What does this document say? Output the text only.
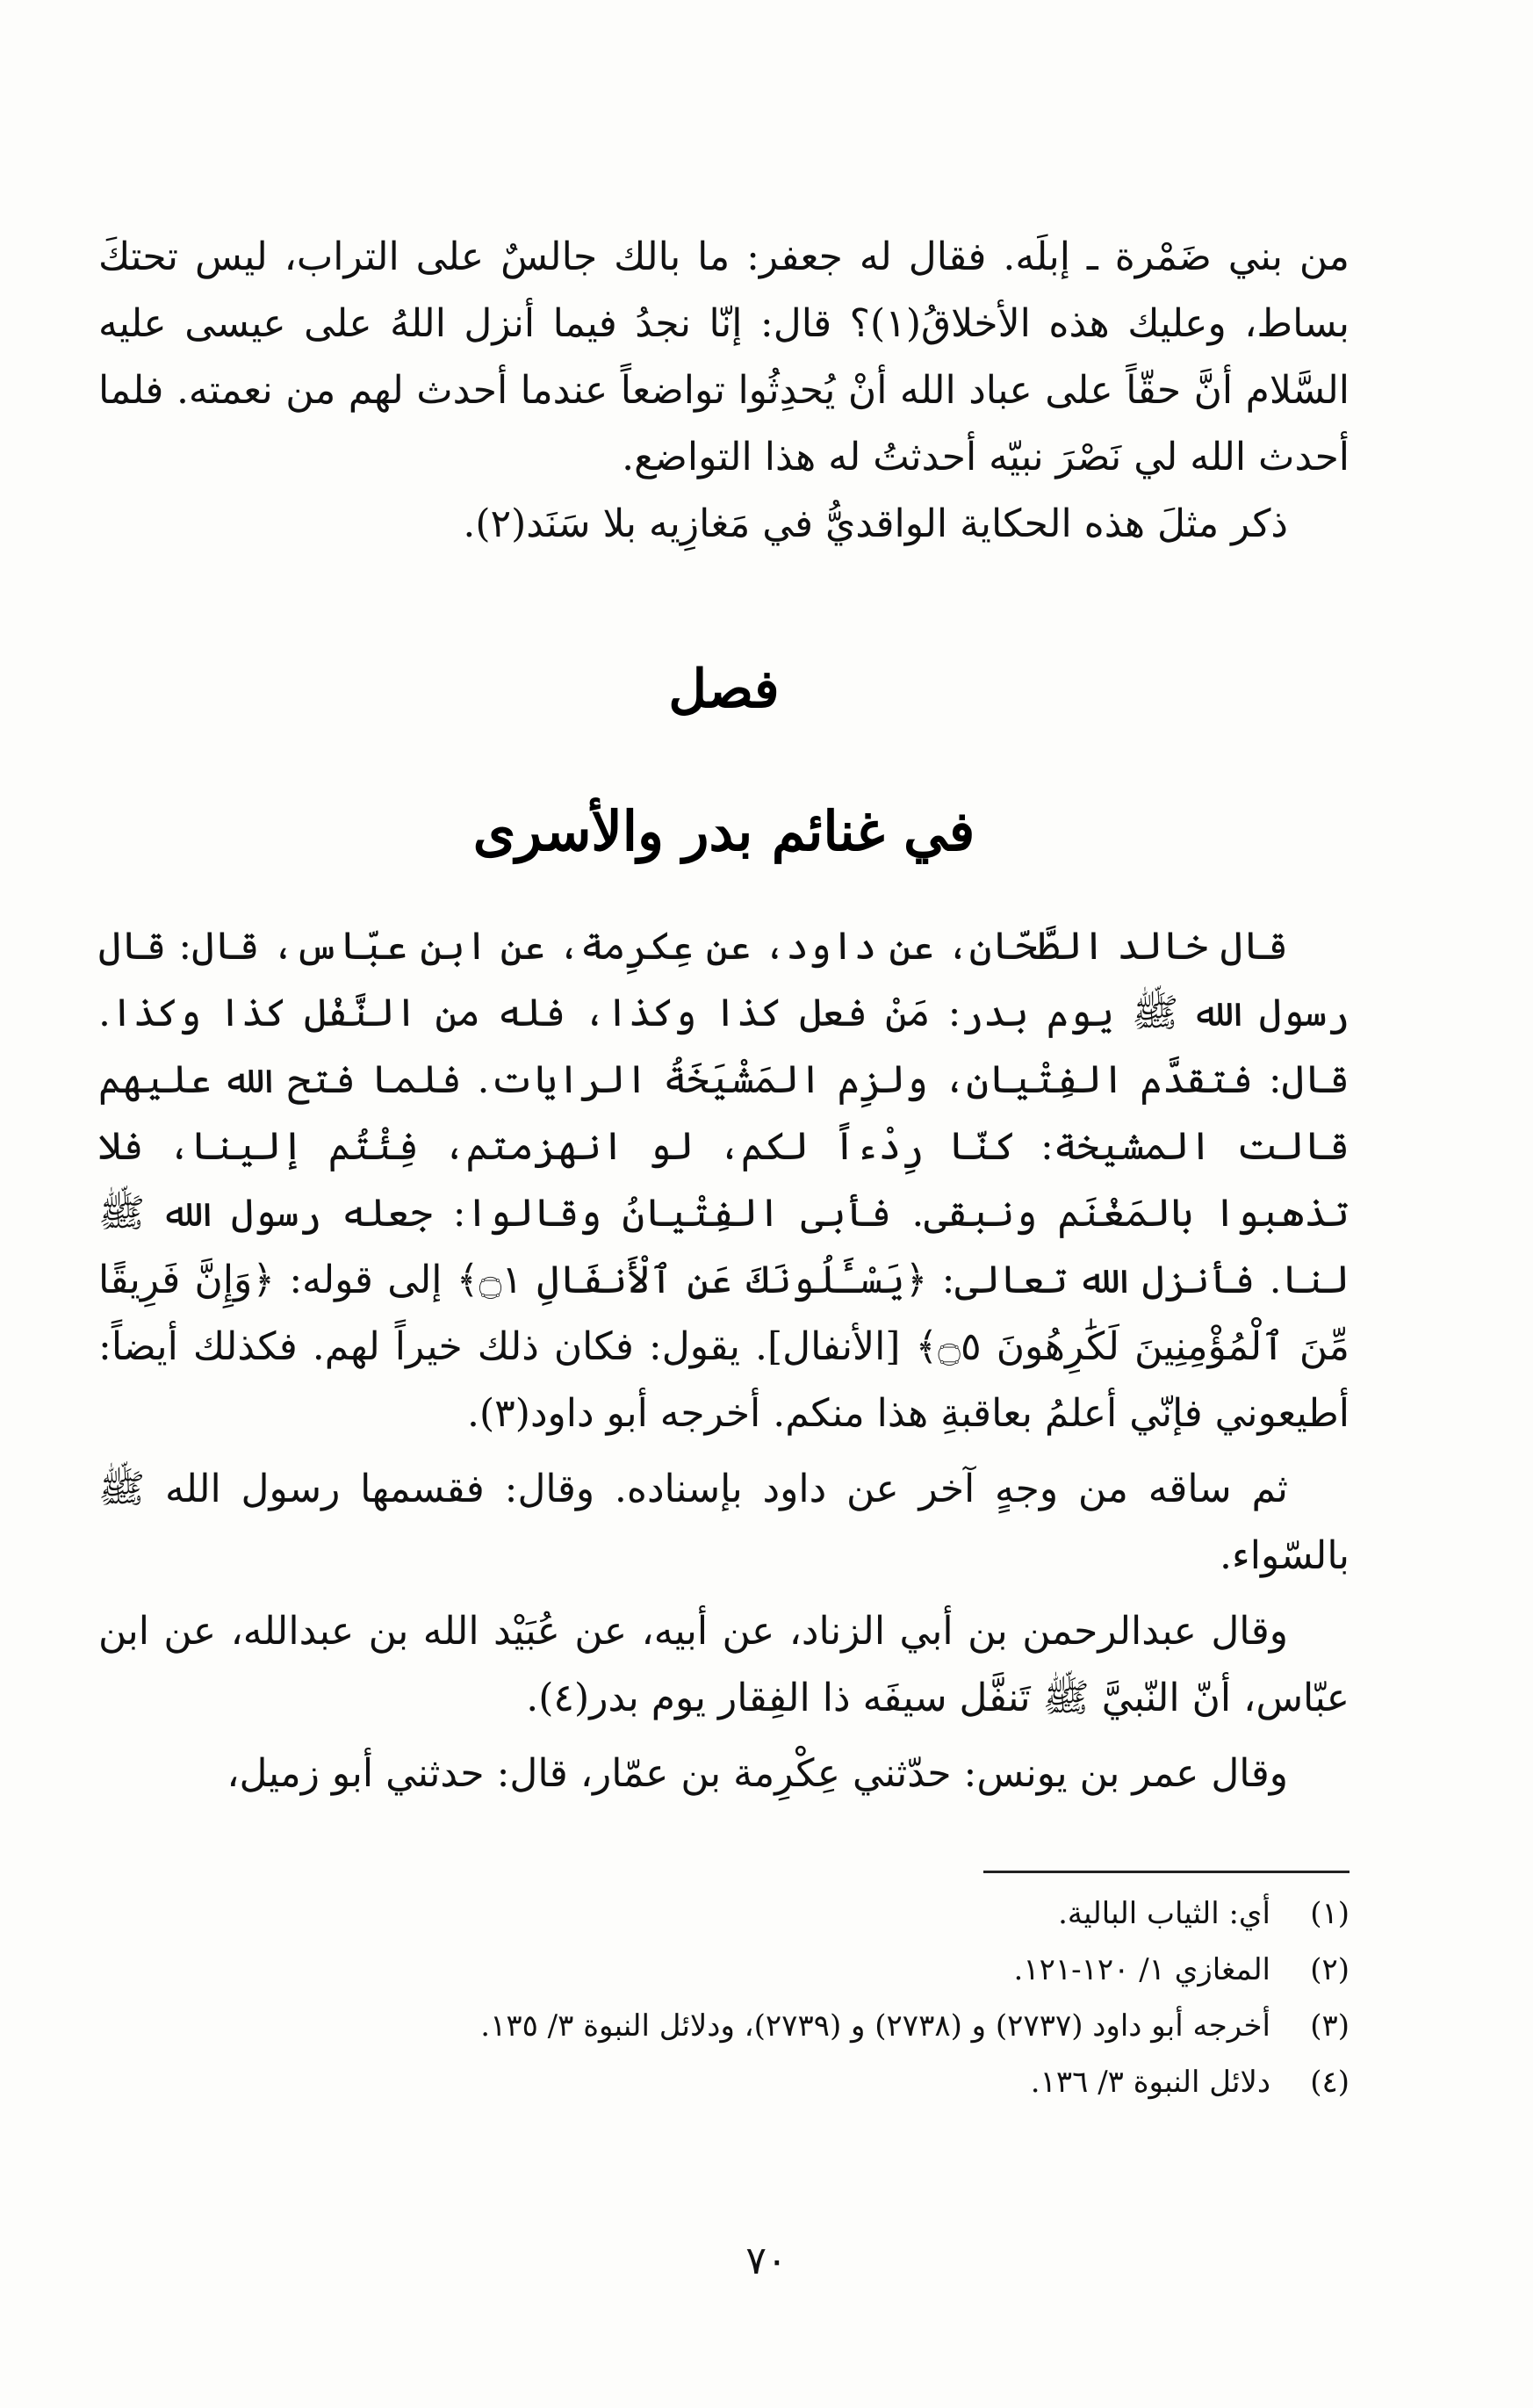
من بني ضَمْرة ـ إبلَه. فقال له جعفر: ما بالك جالسٌ على التراب، ليس تحتكَ بساط، وعليك هذه الأخلاقُ(١)؟ قال: إنّا نجدُ فيما أنزل اللهُ على عيسى عليه السَّلام أنَّ حقّاً على عباد الله أنْ يُحدِثُوا تواضعاً عندما أحدث لهم من نعمته. فلما أحدث الله لي نَصْرَ نبيّه أحدثتُ له هذا التواضع.

ذكر مثلَ هذه الحكاية الواقديُّ في مَغازِيه بلا سَنَد(٢).

فصل
في غنائم بدر والأسرى

قال خالد الطَّحّان، عن داود، عن عِكرِمة، عن ابن عبّاس، قال: قال رسول الله ﷺ يوم بدر: مَنْ فعل كذا وكذا، فله من النَّفْل كذا وكذا. قال: فتقدَّم الفِتْيان، ولزِم المَشْيَخَةُ الرايات. فلما فتح الله عليهم قالت المشيخة: كنّا رِدْءاً لكم، لو انهزمتم، فِئْتُم إلينا، فلا تذهبوا بالمَغْنَم ونبقى. فأبى الفِتْيانُ وقالوا: جعله رسول الله ﷺ لنا. فأنزل الله تعالى: ﴿يَسْـَٔلُونَكَ عَنِ ٱلْأَنفَالِ ۝١﴾ إلى قوله: ﴿وَإِنَّ فَرِيقًا مِّنَ ٱلْمُؤْمِنِينَ لَكَٰرِهُونَ ۝٥﴾ [الأنفال]. يقول: فكان ذلك خيراً لهم. فكذلك أيضاً: أطيعوني فإنّي أعلمُ بعاقبةِ هذا منكم. أخرجه أبو داود(٣).

ثم ساقه من وجهٍ آخر عن داود بإسناده. وقال: فقسمها رسول الله ﷺ بالسّواء.

وقال عبدالرحمن بن أبي الزناد، عن أبيه، عن عُبَيْد الله بن عبدالله، عن ابن عبّاس، أنّ النّبيَّ ﷺ تَنفَّل سيفَه ذا الفِقار يوم بدر(٤).

وقال عمر بن يونس: حدّثني عِكْرِمة بن عمّار، قال: حدثني أبو زميل،

(١)
أي: الثياب البالية.
(٢)
المغازي ١/ ١٢٠-١٢١.
(٣)
أخرجه أبو داود (٢٧٣٧) و (٢٧٣٨) و (٢٧٣٩)، ودلائل النبوة ٣/ ١٣٥.
(٤)
دلائل النبوة ٣/ ١٣٦.
٧٠
